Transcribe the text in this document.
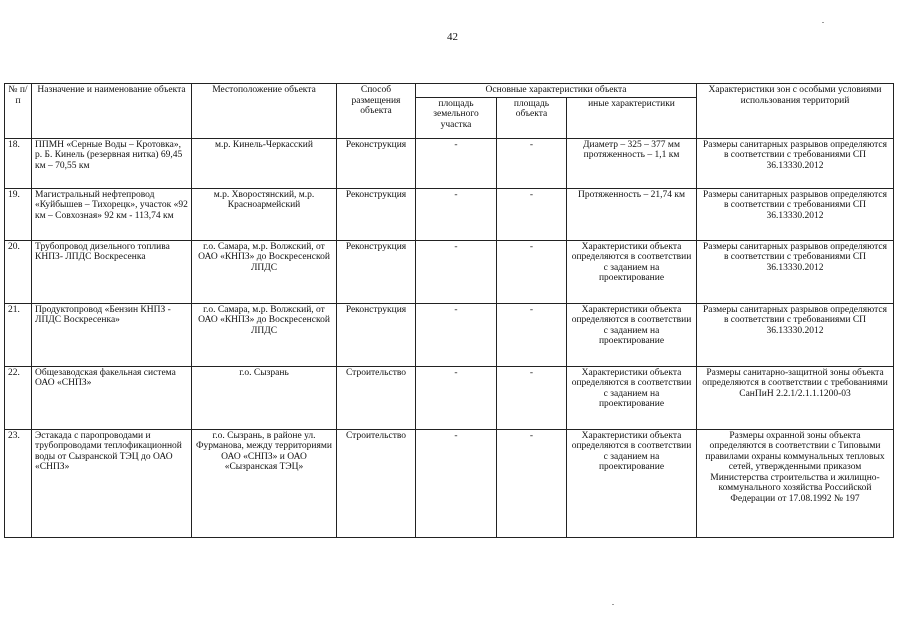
42
№ п/п	Назначение и наименование объекта	Местоположение объекта	Способ размещения объекта	Основные характеристики объекта			Характеристики зон с особыми условиями использования территорий
				площадь земельного участка	площадь объекта	иные характеристики	
18.	ППМН «Серные Воды – Кротовка», р. Б. Кинель (резервная нитка) 69,45 км – 70,55 км	м.р. Кинель-Черкасский	Реконструкция	-	-	Диаметр – 325 – 377 мм протяженность – 1,1 км	Размеры санитарных разрывов определяются в соответствии с требованиями СП 36.13330.2012
19.	Магистральный нефтепровод «Куйбышев – Тихорецк», участок «92 км – Совхозная» 92 км - 113,74 км	м.р. Хворостянский, м.р. Красноармейский	Реконструкция	-	-	Протяженность – 21,74 км	Размеры санитарных разрывов определяются в соответствии с требованиями СП 36.13330.2012
20.	Трубопровод дизельного топлива КНПЗ- ЛПДС Воскресенка	г.о. Самара, м.р. Волжский, от ОАО «КНПЗ» до Воскресенской ЛПДС	Реконструкция	-	-	Характеристики объекта определяются в соответствии с заданием на проектирование	Размеры санитарных разрывов определяются в соответствии с требованиями СП 36.13330.2012
21.	Продуктопровод «Бензин КНПЗ - ЛПДС Воскресенка»	г.о. Самара, м.р. Волжский, от ОАО «КНПЗ» до Воскресенской ЛПДС	Реконструкция	-	-	Характеристики объекта определяются в соответствии с заданием на проектирование	Размеры санитарных разрывов определяются в соответствии с требованиями СП 36.13330.2012
22.	Общезаводская факельная система ОАО «СНПЗ»	г.о. Сызрань	Строительство	-	-	Характеристики объекта определяются в соответствии с заданием на проектирование	Размеры санитарно-защитной зоны объекта определяются в соответствии с требованиями СанПиН 2.2.1/2.1.1.1200-03
23.	Эстакада с паропроводами и трубопроводами теплофикационной воды от Сызранской ТЭЦ до ОАО «СНПЗ»	г.о. Сызрань, в районе ул. Фурманова, между территориями ОАО «СНПЗ» и ОАО «Сызранская ТЭЦ»	Строительство	-	-	Характеристики объекта определяются в соответствии с заданием на проектирование	Размеры охранной зоны объекта определяются в соответствии с Типовыми правилами охраны коммунальных тепловых сетей, утвержденными приказом Министерства строительства и жилищно-коммунального хозяйства Российской Федерации от 17.08.1992 № 197
